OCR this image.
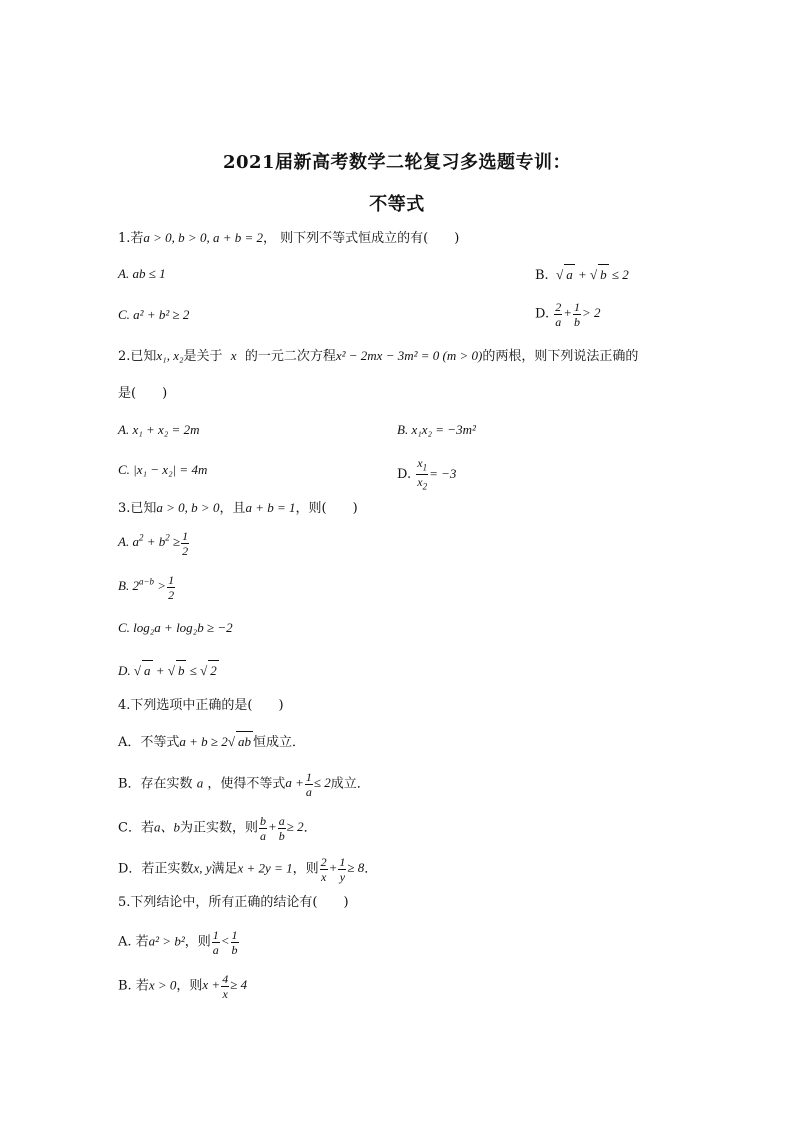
2021届新高考数学二轮复习多选题专训：
不等式
1.若a > 0, b > 0, a + b = 2， 则下列不等式恒成立的有(　　)
A. ab ≤ 1	B. √ a + √ b ≤ 2
C. a² + b² ≥ 2	D. $\frac{2}{a} + \frac{1}{b} > 2$
2.已知x₁, x₂是关于 x 的一元二次方程x² − 2mx − 3m² = 0 (m > 0)的两根，则下列说法正确的
是(　　)
A. x₁ + x₂ = 2m	B. x₁x₂ = −3m²
C. |x₁ − x₂| = 4m	D. $\frac{x_1}{x_2} = -3$
3.已知a > 0, b > 0，且a + b = 1，则(　　)
A. $a^2 + b^2 \ge \frac{1}{2}$
B. $2^{a-b} > \frac{1}{2}$
C. log₂a + log₂b ≥ −2
D. √ a + √ b ≤ √ 2
4.下列选项中正确的是(　　)
A．不等式a + b ≥ 2√ ab 恒成立．
B．存在实数 a ，使得不等式$a + \frac{1}{a} \le 2$成立．
C．若a、b为正实数，则 $\frac{b}{a} + \frac{a}{b} \ge 2$．
D．若正实数x, y满足x + 2y = 1，则 $\frac{2}{x} + \frac{1}{y} \ge 8$．
5.下列结论中，所有正确的结论有(　　)
A. 若a² > b²，则 $\frac{1}{a} < \frac{1}{b}$
B. 若x > 0，则$x + \frac{4}{x} \ge 4$
